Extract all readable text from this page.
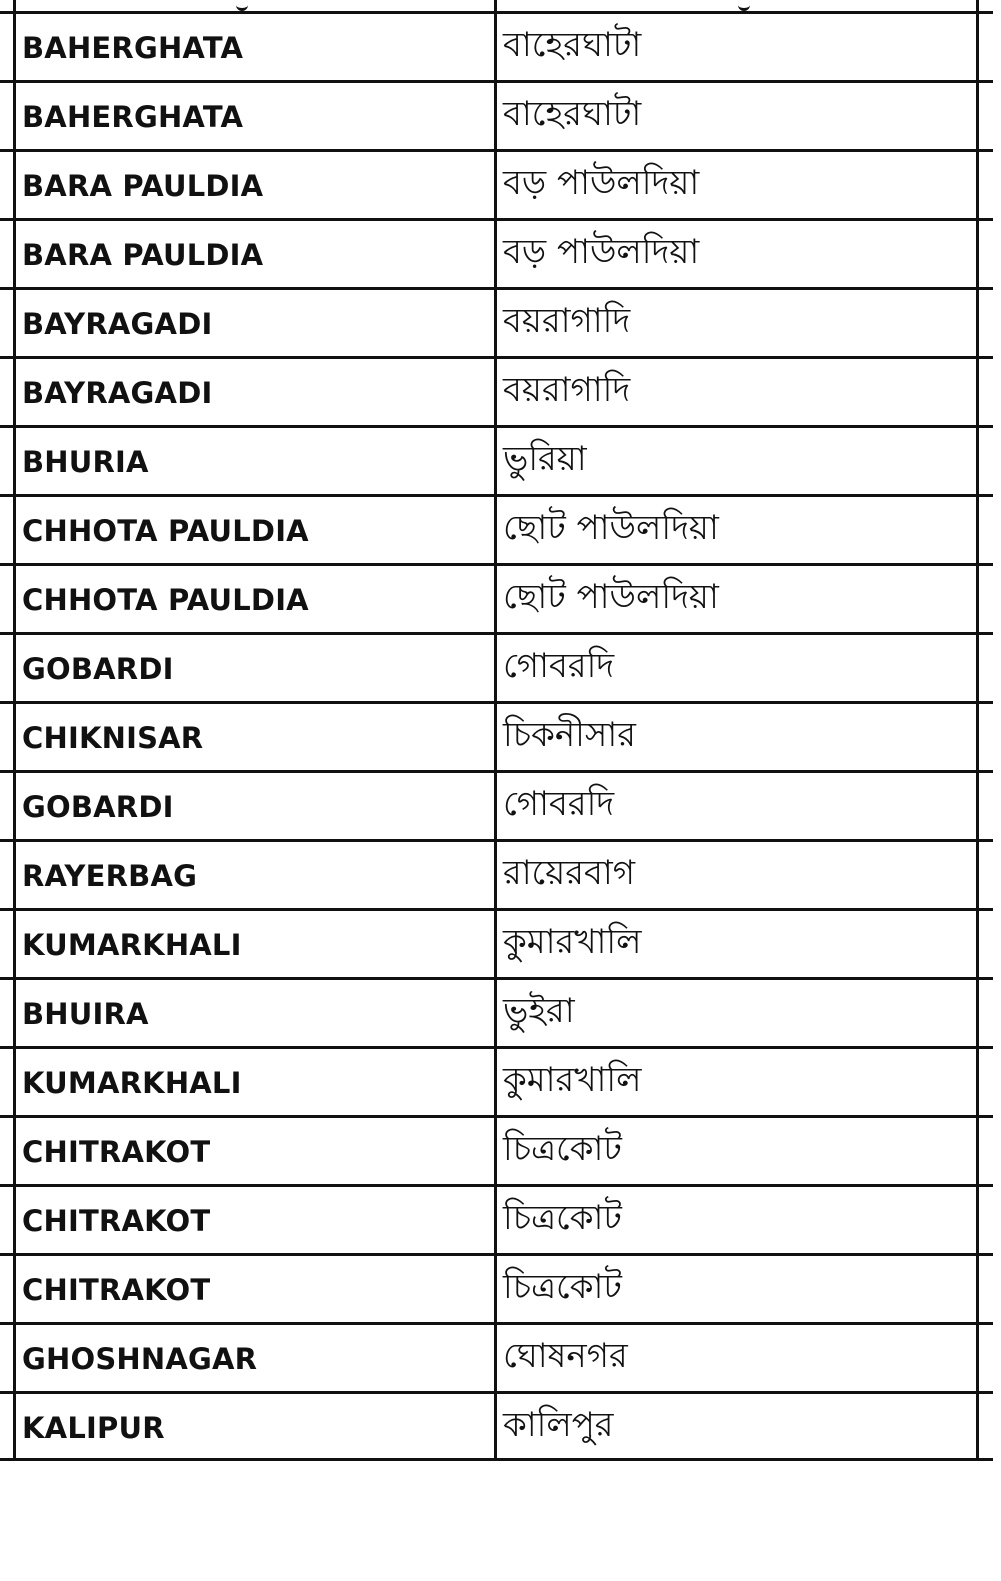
BAHERGHATA	বাহেরঘাটা
BAHERGHATA	বাহেরঘাটা
BARA PAULDIA	বড় পাউলদিয়া
BARA PAULDIA	বড় পাউলদিয়া
BAYRAGADI	বয়রাগাদি
BAYRAGADI	বয়রাগাদি
BHURIA	ভুরিয়া
CHHOTA PAULDIA	ছোট পাউলদিয়া
CHHOTA PAULDIA	ছোট পাউলদিয়া
GOBARDI	গোবরদি
CHIKNISAR	চিকনীসার
GOBARDI	গোবরদি
RAYERBAG	রায়েরবাগ
KUMARKHALI	কুমারখালি
BHUIRA	ভুইরা
KUMARKHALI	কুমারখালি
CHITRAKOT	চিত্রকোট
CHITRAKOT	চিত্রকোট
CHITRAKOT	চিত্রকোট
GHOSHNAGAR	ঘোষনগর
KALIPUR	কালিপুর
